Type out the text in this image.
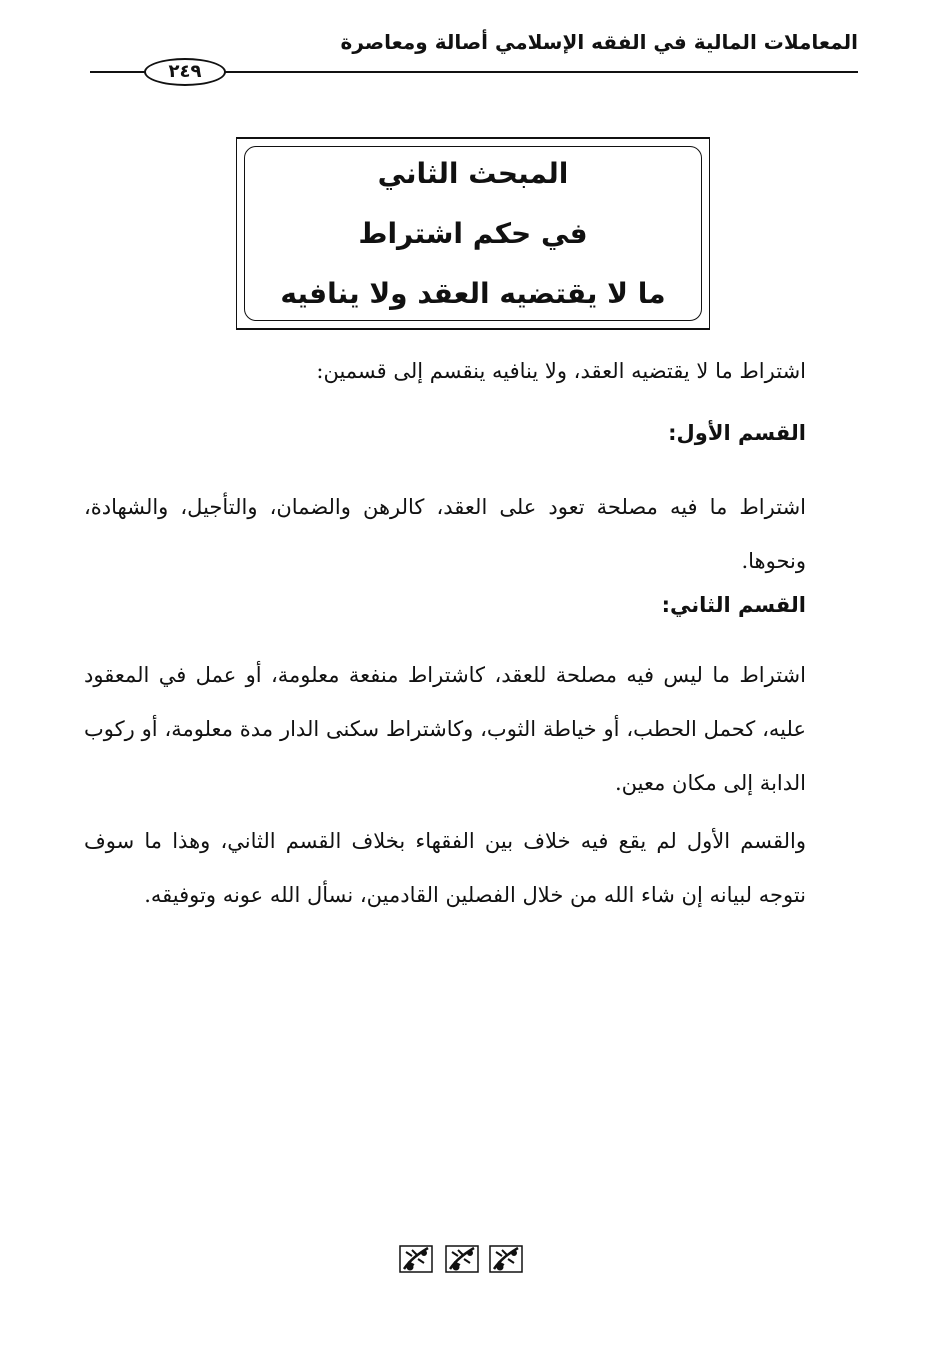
المعاملات المالية في الفقه الإسلامي أصالة ومعاصرة
٢٤٩
المبحث الثاني
في حكم اشتراط
ما لا يقتضيه العقد ولا ينافيه
اشتراط ما لا يقتضيه العقد، ولا ينافيه ينقسم إلى قسمين:
القسم الأول:
اشتراط ما فيه مصلحة تعود على العقد، كالرهن والضمان، والتأجيل، والشهادة، ونحوها.
القسم الثاني:
اشتراط ما ليس فيه مصلحة للعقد، كاشتراط منفعة معلومة، أو عمل في المعقود عليه، كحمل الحطب، أو خياطة الثوب، وكاشتراط سكنى الدار مدة معلومة، أو ركوب الدابة إلى مكان معين.
والقسم الأول لم يقع فيه خلاف بين الفقهاء بخلاف القسم الثاني، وهذا ما سوف نتوجه لبيانه إن شاء الله من خلال الفصلين القادمين، نسأل الله عونه وتوفيقه.
